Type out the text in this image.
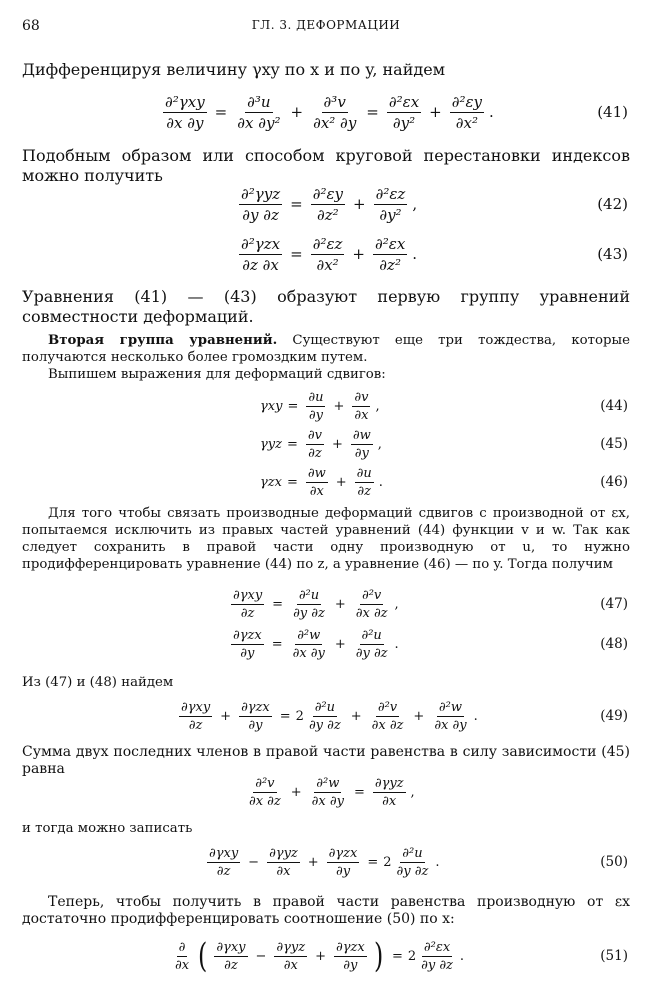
68	ГЛ. 3. ДЕФОРМАЦИИ
Дифференцируя величину γxy по x и по y, найдем
$\frac{\text{∂²γxy}}{\partial x \partial y} = \frac{\text{∂³u}}{\text{∂x ∂y²}} + \frac{\text{∂³v}}{\text{∂x² ∂y}} = \frac{\text{∂²εx}}{\text{∂y²}} + \frac{\text{∂²εy}}{\text{∂x²}}$ .	(41)
Подобным образом или способом круговой перестановки индексов можно получить
$\frac{\text{∂²γyz}}{\partial y \partial z} = \frac{\text{∂²εy}}{\text{∂z²}} + \frac{\text{∂²εz}}{\text{∂y²}}$ ,	(42)
$\frac{\text{∂²γzx}}{\partial z \partial x} = \frac{\text{∂²εz}}{\text{∂x²}} + \frac{\text{∂²εx}}{\text{∂z²}}$ .	(43)
Уравнения (41) — (43) образуют первую группу уравнений совместности деформаций.
Вторая группа уравнений. Существуют еще три тождества, которые получаются несколько более громоздким путем.
Выпишем выражения для деформаций сдвигов:
$\gamma xy = \frac{\partial u}{\partial y} + \frac{\partial v}{\partial x}$ ,	(44)
$\gamma yz = \frac{\partial v}{\partial z} + \frac{\partial w}{\partial y}$ ,	(45)
$\gamma zx = \frac{\partial w}{\partial x} + \frac{\partial u}{\partial z}$ .	(46)
Для того чтобы связать производные деформаций сдвигов с производной от εx, попытаемся исключить из правых частей уравнений (44) функции v и w. Так как следует сохранить в правой части одну производную от u, то нужно продифференцировать уравнение (44) по z, а уравнение (46) — по y. Тогда получим
$\frac{\text{∂γxy}}{\partial z} = \frac{\text{∂²u}}{\partial y \partial z} + \frac{\text{∂²v}}{\partial x \partial z}$ ,	(47)
$\frac{\text{∂γzx}}{\partial y} = \frac{\text{∂²w}}{\partial x \partial y} + \frac{\text{∂²u}}{\partial y \partial z}$ .	(48)
Из (47) и (48) найдем
$\frac{\text{∂γxy}}{\partial z} + \frac{\text{∂γzx}}{\partial y} = 2 \frac{\text{∂²u}}{\partial y \partial z} + \frac{\text{∂²v}}{\partial x \partial z} + \frac{\text{∂²w}}{\partial x \partial y}$ .	(49)
Сумма двух последних членов в правой части равенства в силу зависимости (45) равна
$\frac{\text{∂²v}}{\partial x \partial z} + \frac{\text{∂²w}}{\partial x \partial y} = \frac{\text{∂γyz}}{\partial x}$ ,
и тогда можно записать
$\frac{\text{∂γxy}}{\partial z} - \frac{\text{∂γyz}}{\partial x} + \frac{\text{∂γzx}}{\partial y} = 2 \frac{\text{∂²u}}{\partial y \partial z}$ .	(50)
Теперь, чтобы получить в правой части равенства производную от εx достаточно продифференцировать соотношение (50) по x:
$\frac{\partial}{\partial x}$ ( $\frac{\text{∂γxy}}{\partial z} - \frac{\text{∂γyz}}{\partial x} + \frac{\text{∂γzx}}{\partial y}$ ) = $2 \frac{\text{∂²εx}}{\partial y \partial z}$ .	(51)
